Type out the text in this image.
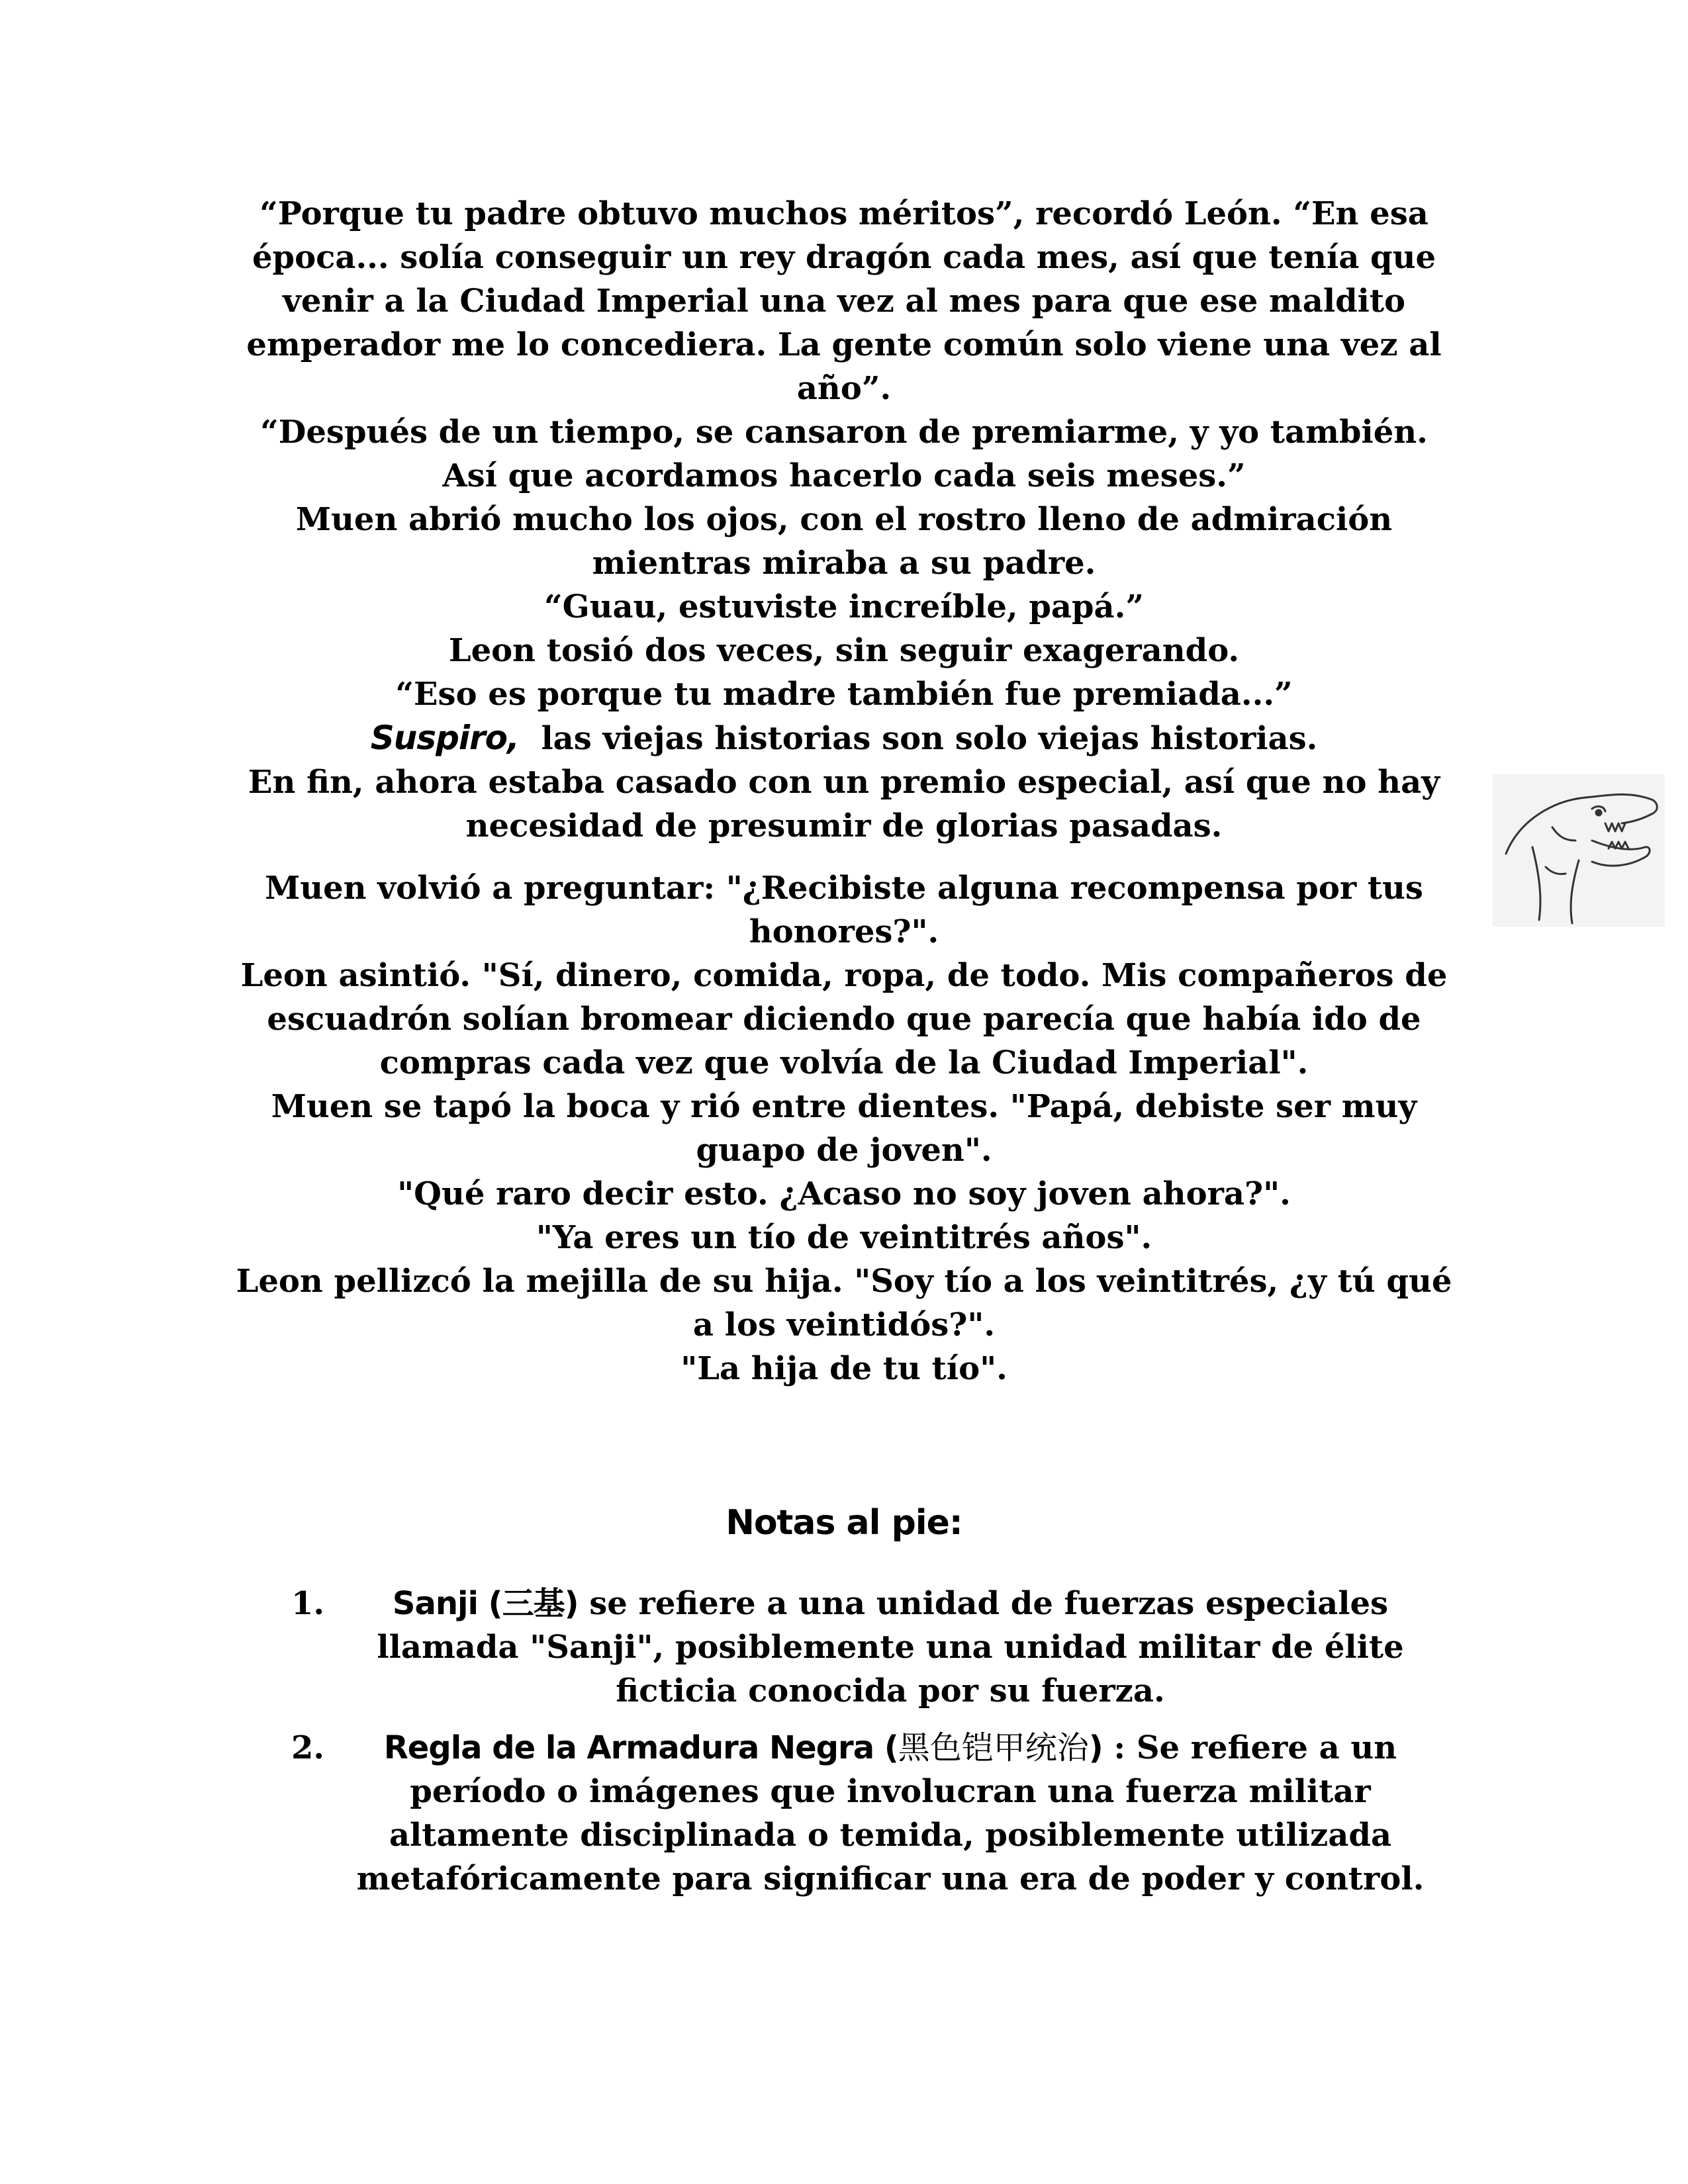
“Porque tu padre obtuvo muchos méritos”, recordó León. “En esa época... solía conseguir un rey dragón cada mes, así que tenía que venir a la Ciudad Imperial una vez al mes para que ese maldito emperador me lo concediera. La gente común solo viene una vez al año”.

“Después de un tiempo, se cansaron de premiarme, y yo también. Así que acordamos hacerlo cada seis meses.”

Muen abrió mucho los ojos, con el rostro lleno de admiración mientras miraba a su padre.

“Guau, estuviste increíble, papá.”

Leon tosió dos veces, sin seguir exagerando.

“Eso es porque tu madre también fue premiada...”

Suspiro, las viejas historias son solo viejas historias.

En fin, ahora estaba casado con un premio especial, así que no hay necesidad de presumir de glorias pasadas.

Muen volvió a preguntar: "¿Recibiste alguna recompensa por tus honores?".

Leon asintió. "Sí, dinero, comida, ropa, de todo. Mis compañeros de escuadrón solían bromear diciendo que parecía que había ido de compras cada vez que volvía de la Ciudad Imperial".

Muen se tapó la boca y rió entre dientes. "Papá, debiste ser muy guapo de joven".

"Qué raro decir esto. ¿Acaso no soy joven ahora?".

"Ya eres un tío de veintitrés años".

Leon pellizcó la mejilla de su hija. "Soy tío a los veintitrés, ¿y tú qué a los veintidós?".

"La hija de tu tío".

Notas al pie:
1. Sanji (三基) se refiere a una unidad de fuerzas especiales llamada "Sanji", posiblemente una unidad militar de élite ficticia conocida por su fuerza.
2. Regla de la Armadura Negra (黑色铠甲统治) : Se refiere a un período o imágenes que involucran una fuerza militar altamente disciplinada o temida, posiblemente utilizada metafóricamente para significar una era de poder y control.
